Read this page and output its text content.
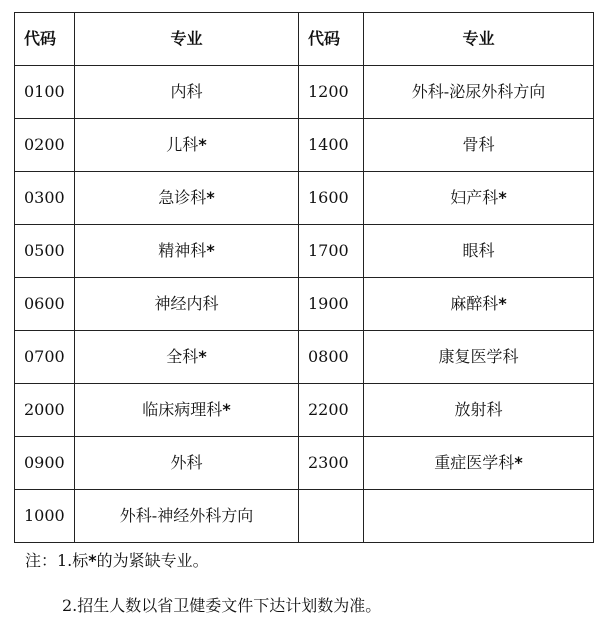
代码	专业	代码	专业
0100	内科	1200	外科-泌尿外科方向
0200	儿科*	1400	骨科
0300	急诊科*	1600	妇产科*
0500	精神科*	1700	眼科
0600	神经内科	1900	麻醉科*
0700	全科*	0800	康复医学科
2000	临床病理科*	2200	放射科
0900	外科	2300	重症医学科*
1000	外科-神经外科方向		
注：1.标*的为紧缺专业。
2.招生人数以省卫健委文件下达计划数为准。
